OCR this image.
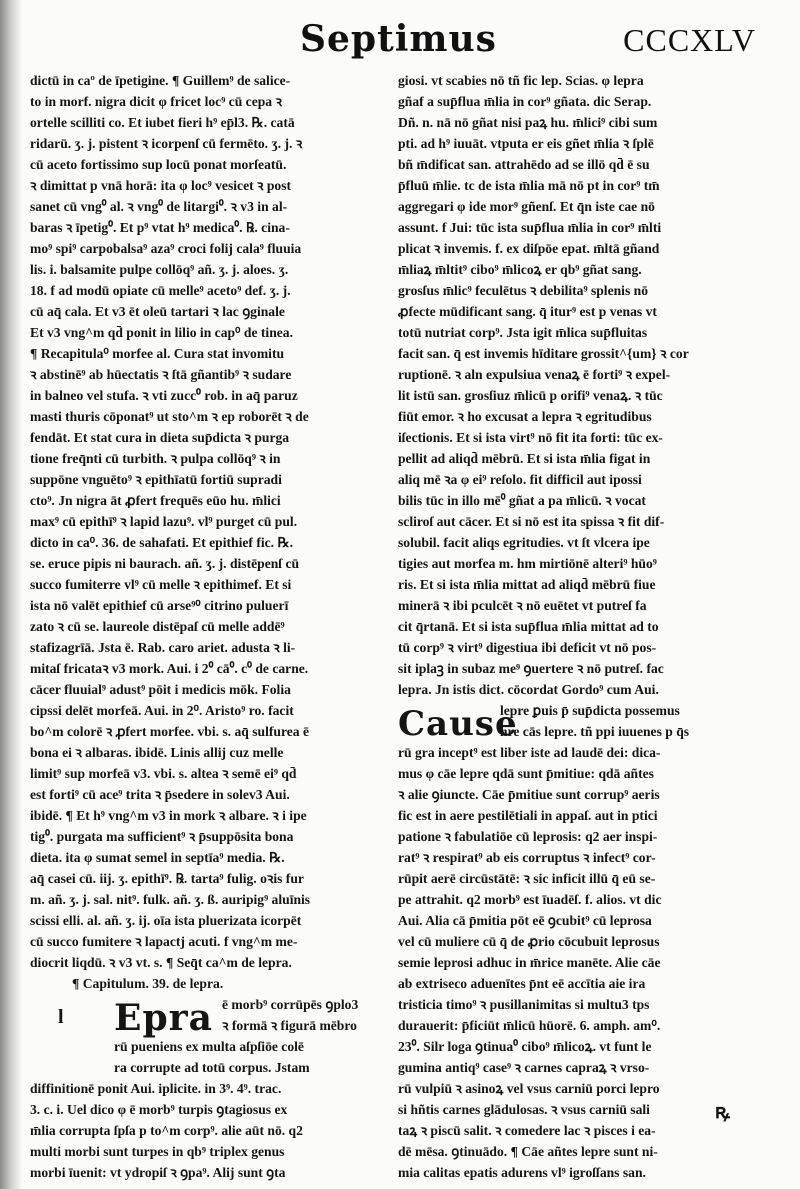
Septimus	CCCXLV
dictū in caº de īpetigine. ¶ Guillem⁹ de salice-
to in morf. nigra dicit φ fricet loc⁹ cū cepa ꝛ
ortelle scilliti co. Et iubet fieri h⁹ ep̄l3. ℞. catā
ridarū. ʒ. j. pistent ꝛ icorpenſ cū fermēto. ʒ. j. ꝛ
cū aceto fortissimo sup locū ponat morſeatū.
ꝛ dimittat p vnā horā: ita φ loc⁹ vesicet ꝛ post
sanet cū vng⁰ al. ꝛ vng⁰ de litargi⁰. ꝛ v3 in al-
baras ꝛ īpetig⁰. Et p⁹ vtat h⁹ medica⁰. ℞. cina-
mo⁹ spi⁹ carpobalsa⁹ aza⁹ croci folij cala⁹ fluuia
lis. i. balsamite pulpe collōq⁹ añ. ʒ. j. aloes. ʒ.
18. f ad modū opiate cū melle⁹ aceto⁹ def. ʒ. j.
cū aq̄ cala. Et v3 ēt oleū tartari ꝛ lac ꝯginale
Et v3 vng^m qd̄ ponit in lilio in cap⁰ de tinea.
¶ Recapitula⁰ morfee al. Cura stat invomitu
ꝛ abstinē⁹ ab hūectatis ꝛ ſtā gñantib⁹ ꝛ sudare
in balneo vel stufa. ꝛ vti zucc⁰ rob. in aq̄ paruz
masti thuris cōponat⁹ ut sto^m ꝛ ep roborēt ꝛ de
fendāt. Et stat cura in dieta sup̄dicta ꝛ purga
tione freq̄nti cū turbith. ꝛ pulpa collōq⁹ ꝛ in
suppōne vnguēto⁹ ꝛ epithīatū fortiū supradi
cto⁹. Jn nigra āt ꝓfert frequēs eūo hu. m̄lici
max⁹ cū epithī⁹ ꝛ lapid lazu⁹. vl⁹ purget cū pul.
dicto in ca⁰. 36. de sahafati. Et epithief fic. ℞.
se. eruce pipis ni baurach. añ. ʒ. j. distēpenſ cū
succo fumiterre vl⁹ cū melle ꝛ epithimef. Et si
ista nō valēt epithief cū arse⁹⁰ citrino puluerī
zato ꝛ cū se. laureole distēpaſ cū melle addē⁹
stafizagrīā. Jsta ē. Rab. caro ariet. adusta ꝛ li-
mitaſ fricataꝛ v3 mork. Aui. i 2⁰ cā⁰. c⁰ de carne.
cācer fluuial⁹ adust⁹ pōit i medicis mōk. Folia
cipssi delēt morfeā. Aui. in 2⁰. Aristo⁹ ro. facit
bo^m colorē ꝛ ꝓfert morfee. vbi. s. aq̄ sulfurea ē
bona ei ꝛ albaras. ibidē. Linis allij cuz melle
limit⁹ sup morfeā v3. vbi. s. altea ꝛ semē ei⁹ qd̄
est forti⁹ cū ace⁹ trita ꝛ p̄sedere in solev3 Aui.
ibidē. ¶ Et h⁹ vng^m v3 in mork ꝛ albare. ꝛ i ipe
tig⁰. purgata ma sufficient⁹ ꝛ p̄suppōsita bona
dieta. ita φ sumat semel in septīa⁹ media. ℞.
aq̄ casei cū. iij. ʒ. epithī⁹. ℞. tarta⁹ fulig. oꝛis fur
m. añ. ʒ. j. sal. nit⁹. fulk. añ. ʒ. ß. auripig⁹ aluīnis
scissi elli. al. añ. ʒ. ij. oīa ista pluerizata icorpēt
cū succo fumitere ꝛ lapactj acuti. f vng^m me-
diocrit liqdū. ꝛ v3 vt. s. ¶ Seq̄t ca^m de lepra.
¶ Capitulum. 39. de lepra.
l Epra ē morb⁹ corrūpēs ꝯplo3
ꝛ formā ꝛ figurā mēbro
rū pueniens ex multa aſpſiōe colē
ra corrupte ad totū corpus. Jstam
diffinitionē ponit Aui. iplicite. in 3⁹. 4⁹. trac.
3. c. i. Uel dico φ ē morb⁹ turpis ꝯtagiosus ex
m̄lia corrupta ſpſa p to^m corp⁹. alie aūt nō. q2
multi morbi sunt turpes in qb⁹ triplex genus
morbi īuenit: vt ydropiſ ꝛ ꝯpa⁹. Alij sunt ꝯta
giosi. vt scabies nō tñ fic lep. Scias. φ lepra
gñaf a sup̄flua m̄lia in cor⁹ gñata. dic Serap.
Dñ. n. nā nō gñat nisi paꝝ hu. m̄lici⁹ cibi sum
pti. ad h⁹ iuuāt. vtputa er eis gñet m̄lia ꝛ ſplē
bñ m̄dificat san. attrahēdo ad se illō qd̄ ē su
p̄fluū m̄lie. tc de ista m̄lia mā nō pt in cor⁹ tm̄
aggregari φ ide mor⁹ gñenſ. Et q̄n iste cae nō
assunt. f Jui: tūc ista sup̄flua m̄lia in cor⁹ m̄lti
plicat ꝛ invemis. f. ex diſpōe epat. m̄ltā gñand
m̄liaꝝ m̄ltit⁹ cibo⁹ m̄licoꝝ er qb⁹ gñat sang.
grosſus m̄lic⁹ feculētus ꝛ debilita⁹ splenis nō
ꝓfecte mūdificant sang. q̄ itur⁹ est p venas vt
totū nutriat corp⁹. Jsta igit m̄lica sup̄fluitas
facit san. q̄ est invemis hīditare grossit^{um} ꝛ cor
ruptionē. ꝛ aln expulsiua venaꝝ ē forti⁹ ꝛ expel-
lit istū san. grosſiuz m̄licū p orifi⁹ venaꝝ. ꝛ tūc
fiūt emor. ꝛ ho excusat a lepra ꝛ egritudibus
iſectionis. Et si ista virt⁹ nō fit ita forti: tūc ex-
pellit ad aliqd̄ mēbrū. Et si ista m̄lia figat in
aliq mē ꝛa φ ei⁹ reſolo. fit difficil aut ipossi
bilis tūc in illo mē⁰ gñat a pa m̄licū. ꝛ vocat
scliroſ aut cācer. Et si nō est ita spissa ꝛ fit dif-
solubil. facit aliqs egritudies. vt ſt vlcera ipe
tigies aut morfea m. hm mirtiōnē alteri⁹ hūo⁹
ris. Et si ista m̄lia mittat ad aliqd̄ mēbrū fiue
minerā ꝛ ibi pculcēt ꝛ nō euētet vt putreſ fa
cit q̄rtanā. Et si ista sup̄flua m̄lia mittat ad to
tū corp⁹ ꝛ virt⁹ digestiua ibi deficit vt nō pos-
sit iplaꝫ in subaz me⁹ ꝯuertere ꝛ nō putreſ. fac
lepra. Jn istis dict. cōcordat Gordo⁹ cum Aui.
Cause
lepre ꝑuis p̄ sup̄dicta possemus
hre cās lepre. tñ ppi iuuenes p q̄s
rū gra incept⁹ est liber iste ad laudē dei: dica-
mus φ cāe lepre qdā sunt p̄mitiue: qdā añtes
ꝛ alie ꝯiuncte. Cāe p̄mitiue sunt corrup⁹ aeris
fic est in aere pestilētiali in appaſ. aut in ptici
patione ꝛ fabulatiōe cū leprosis: q2 aer inspi-
rat⁹ ꝛ respirat⁹ ab eis corruptus ꝛ infect⁹ cor-
rūpit aerē circūstātē: ꝛ sic inficit illū q̄ eū se-
pe attrahit. q2 morb⁹ est īuadēſ. f. alios. vt dic
Aui. Alia cā p̄mitia pōt eē ꝯcubit⁹ cū leprosa
vel cū muliere cū q̄ de ꝓrio cōcubuit leprosus
semie leprosi adhuc in m̄rice manēte. Alie cāe
ab extriseco aduenītes p̄nt eē accītia aie ira
tristicia timo⁹ ꝛ pusillanimitas si multu3 tps
durauerit: p̄ficiūt m̄licū hūorē. 6. amph. am⁰.
23⁰. Silr loga ꝯtinua⁰ cibo⁹ m̄licoꝝ. vt funt le
gumina antiq⁹ case⁹ ꝛ carnes capraꝝ ꝛ vrso-
rū vulpiū ꝛ asinoꝝ vel vsus carniū porci lepro
si hñtis carnes glādulosas. ꝛ vsus carniū sali
taꝝ ꝛ piscū salit. ꝛ comedere lac ꝛ pisces i ea-
dē mēsa. ꝯtinuādo. ¶ Cāe añtes lepre sunt ni-
mia calitas epatis adurens vl⁹ igroſſans san.
ꝶ
